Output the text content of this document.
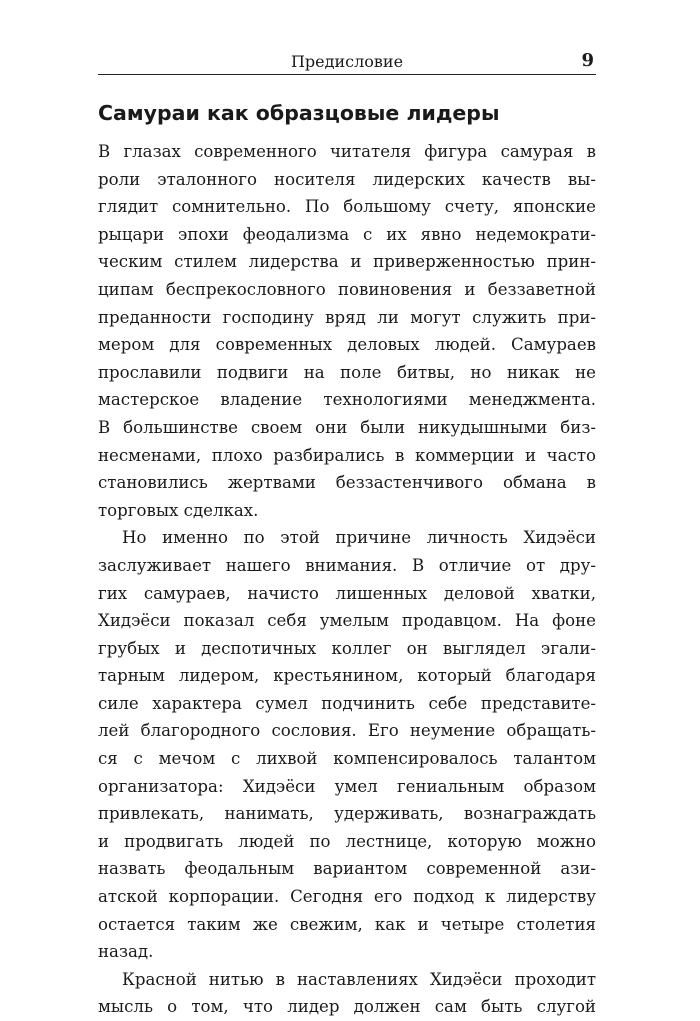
Предисловие	9
Самураи как образцовые лидеры

В глазах современного читателя фигура самурая в
роли эталонного носителя лидерских качеств вы-
глядит сомнительно. По большому счету, японские
рыцари эпохи феодализма с их явно недемократи-
ческим стилем лидерства и приверженностью прин-
ципам беспрекословного повиновения и беззаветной
преданности господину вряд ли могут служить при-
мером для современных деловых людей. Самураев
прославили подвиги на поле битвы, но никак не
мастерское владение технологиями менеджмента.
В большинстве своем они были никудышными биз-
несменами, плохо разбирались в коммерции и часто
становились жертвами беззастенчивого обмана в
торговых сделках.

Но именно по этой причине личность Хидэёси
заслуживает нашего внимания. В отличие от дру-
гих самураев, начисто лишенных деловой хватки,
Хидэёси показал себя умелым продавцом. На фоне
грубых и деспотичных коллег он выглядел эгали-
тарным лидером, крестьянином, который благодаря
силе характера сумел подчинить себе представите-
лей благородного сословия. Его неумение обращать-
ся с мечом с лихвой компенсировалось талантом
организатора: Хидэёси умел гениальным образом
привлекать, нанимать, удерживать, вознаграждать
и продвигать людей по лестнице, которую можно
назвать феодальным вариантом современной ази-
атской корпорации. Сегодня его подход к лидерству
остается таким же свежим, как и четыре столетия
назад.

Красной нитью в наставлениях Хидэёси проходит
мысль о том, что лидер должен сам быть слугой
